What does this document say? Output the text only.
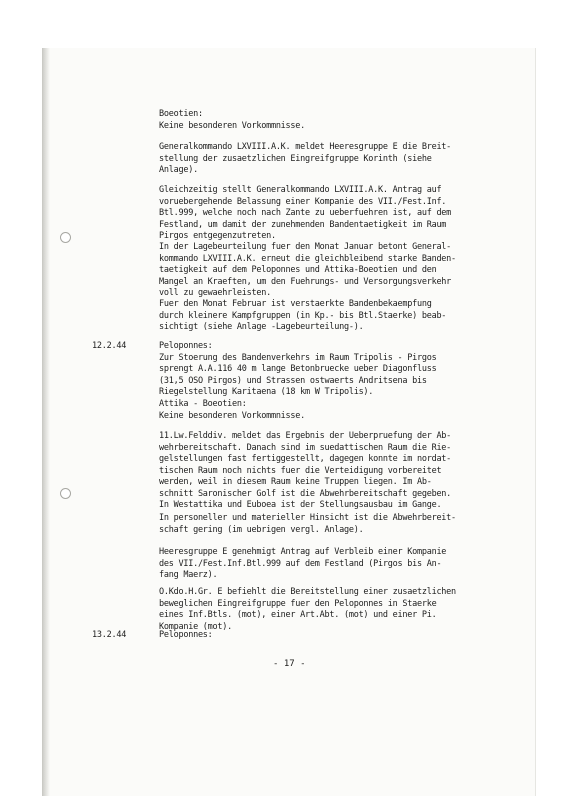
Boeotien:
Keine besonderen Vorkommnisse.
Generalkommando LXVIII.A.K. meldet Heeresgruppe E die Breit-
stellung der zusaetzlichen Eingreifgruppe Korinth (siehe
Anlage).
Gleichzeitig stellt Generalkommando LXVIII.A.K. Antrag auf
voruebergehende Belassung einer Kompanie des VII./Fest.Inf.
Btl.999, welche noch nach Zante zu ueberfuehren ist, auf dem
Festland, um damit der zunehmenden Bandentaetigkeit im Raum
Pirgos entgegenzutreten.
In der Lagebeurteilung fuer den Monat Januar betont General-
kommando LXVIII.A.K. erneut die gleichbleibend starke Banden-
taetigkeit auf dem Peloponnes und Attika-Boeotien und den
Mangel an Kraeften, um den Fuehrungs- und Versorgungsverkehr
voll zu gewaehrleisten.
Fuer den Monat Februar ist verstaerkte Bandenbekaempfung
durch kleinere Kampfgruppen (in Kp.- bis Btl.Staerke) beab-
sichtigt (siehe Anlage -Lagebeurteilung-).
12.2.44	Peloponnes:
Zur Stoerung des Bandenverkehrs im Raum Tripolis - Pirgos
sprengt A.A.116 40 m lange Betonbruecke ueber Diagonfluss
(31,5 OSO Pirgos) und Strassen ostwaerts Andritsena bis
Riegelstellung Karitaena (18 km W Tripolis).
Attika - Boeotien:
Keine besonderen Vorkommnisse.
11.Lw.Felddiv. meldet das Ergebnis der Ueberpruefung der Ab-
wehrbereitschaft. Danach sind im suedattischen Raum die Rie-
gelstellungen fast fertiggestellt, dagegen konnte im nordat-
tischen Raum noch nichts fuer die Verteidigung vorbereitet
werden, weil in diesem Raum keine Truppen liegen. Im Ab-
schnitt Saronischer Golf ist die Abwehrbereitschaft gegeben.
In Westattika und Euboea ist der Stellungsausbau im Gange.
In personeller und materieller Hinsicht ist die Abwehrbereit-
schaft gering (im uebrigen vergl. Anlage).
Heeresgruppe E genehmigt Antrag auf Verbleib einer Kompanie
des VII./Fest.Inf.Btl.999 auf dem Festland (Pirgos bis An-
fang Maerz).
O.Kdo.H.Gr. E befiehlt die Bereitstellung einer zusaetzlichen
beweglichen Eingreifgruppe fuer den Peloponnes in Staerke
eines Inf.Btls. (mot), einer Art.Abt. (mot) und einer Pi.
Kompanie (mot).
13.2.44	Peloponnes:
- 17 -
